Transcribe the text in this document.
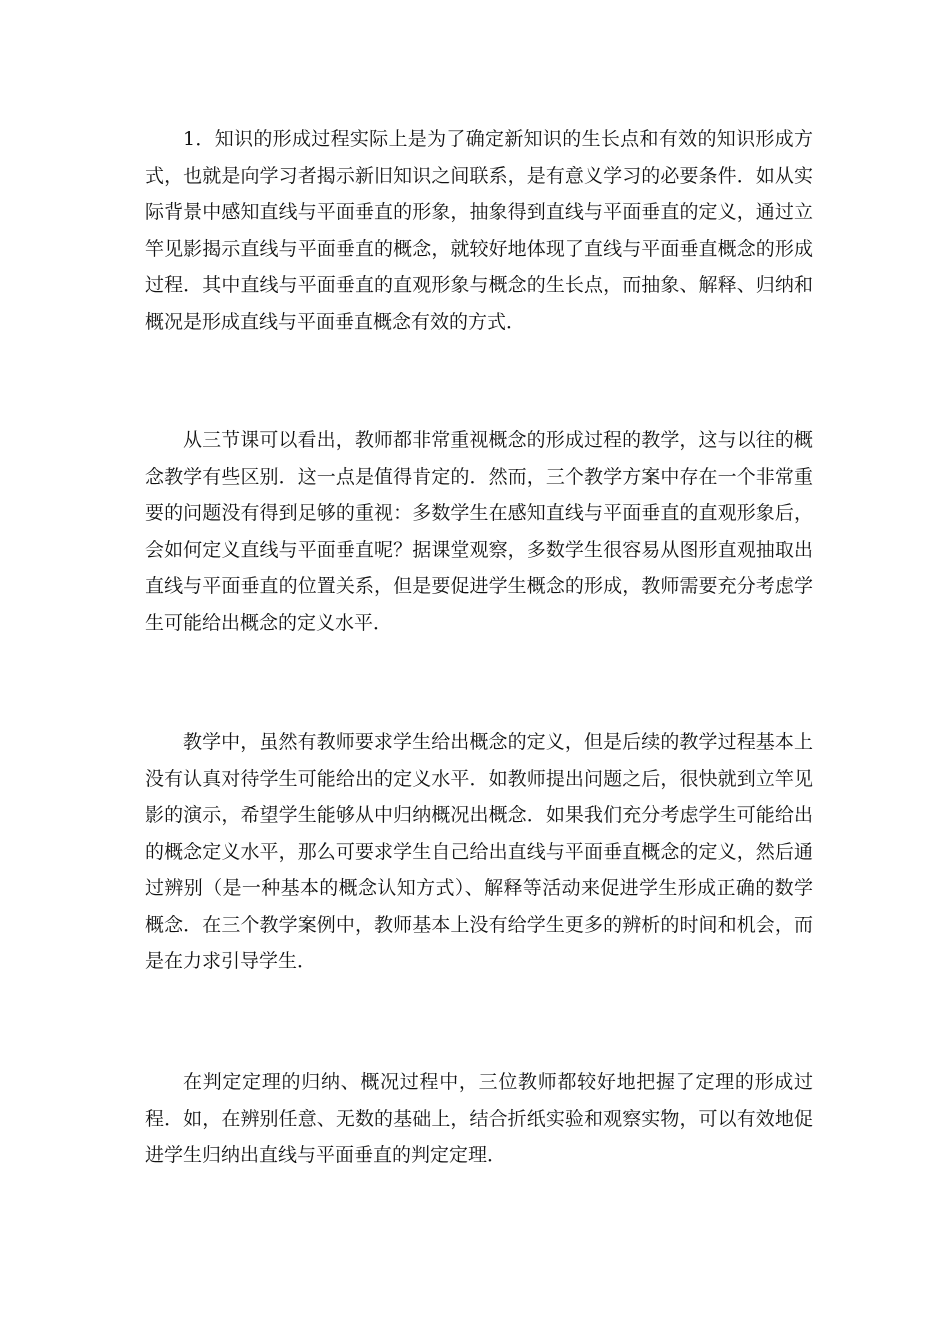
1．知识的形成过程实际上是为了确定新知识的生长点和有效的知识形成方式，也就是向学习者揭示新旧知识之间联系，是有意义学习的必要条件．如从实际背景中感知直线与平面垂直的形象，抽象得到直线与平面垂直的定义，通过立竿见影揭示直线与平面垂直的概念，就较好地体现了直线与平面垂直概念的形成过程．其中直线与平面垂直的直观形象与概念的生长点，而抽象、解释、归纳和概况是形成直线与平面垂直概念有效的方式．

从三节课可以看出，教师都非常重视概念的形成过程的教学，这与以往的概念教学有些区别．这一点是值得肯定的．然而，三个教学方案中存在一个非常重要的问题没有得到足够的重视：多数学生在感知直线与平面垂直的直观形象后，会如何定义直线与平面垂直呢？据课堂观察，多数学生很容易从图形直观抽取出直线与平面垂直的位置关系，但是要促进学生概念的形成，教师需要充分考虑学生可能给出概念的定义水平．

教学中，虽然有教师要求学生给出概念的定义，但是后续的教学过程基本上没有认真对待学生可能给出的定义水平．如教师提出问题之后，很快就到立竿见影的演示，希望学生能够从中归纳概况出概念．如果我们充分考虑学生可能给出的概念定义水平，那么可要求学生自己给出直线与平面垂直概念的定义，然后通过辨别（是一种基本的概念认知方式）、解释等活动来促进学生形成正确的数学概念．在三个教学案例中，教师基本上没有给学生更多的辨析的时间和机会，而是在力求引导学生．

在判定定理的归纳、概况过程中，三位教师都较好地把握了定理的形成过程．如，在辨别任意、无数的基础上，结合折纸实验和观察实物，可以有效地促进学生归纳出直线与平面垂直的判定定理．
